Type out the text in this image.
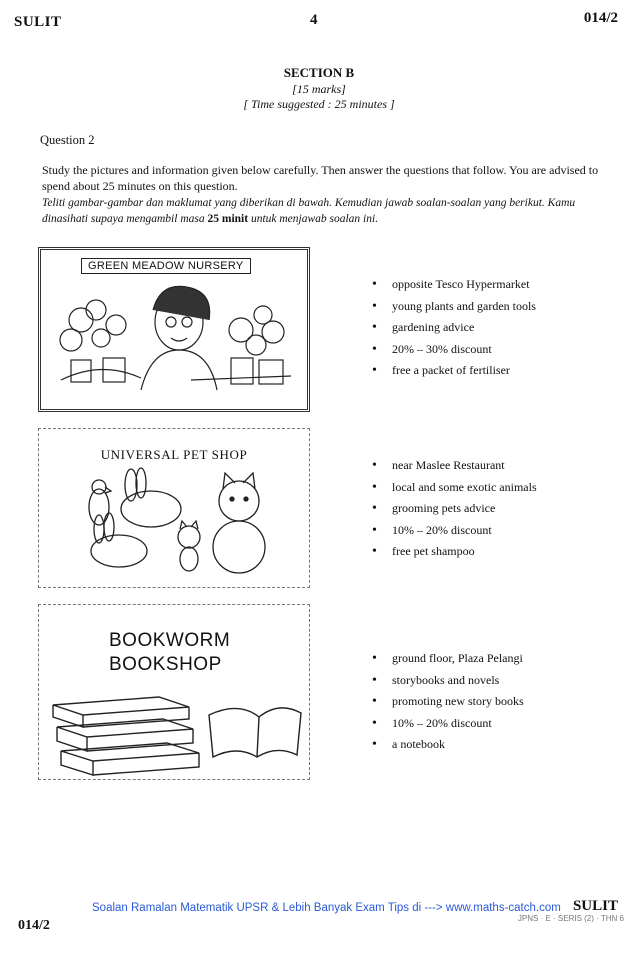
SULIT	4	014/2
SECTION B
[15 marks]
[ Time suggested : 25 minutes ]
Question 2
Study the pictures and information given below carefully. Then answer the questions that follow. You are advised to spend about 25 minutes on this question.
Teliti gambar-gambar dan maklumat yang diberikan di bawah. Kemudian jawab soalan-soalan yang berikut. Kamu dinasihati supaya mengambil masa 25 minit untuk menjawab soalan ini.
GREEN MEADOW NURSERY
• opposite Tesco Hypermarket
• young plants and garden tools
• gardening advice
• 20% – 30% discount
• free a packet of fertiliser
UNIVERSAL PET SHOP
• near Maslee Restaurant
• local and some exotic animals
• grooming pets advice
• 10% – 20% discount
• free pet shampoo
BOOKWORM
BOOKSHOP
•	ground floor, Plaza Pelangi
• storybooks and novels
• promoting new story books
• 10% – 20% discount
• a notebook
Soalan Ramalan Matematik UPSR & Lebih Banyak Exam Tips di ---> www.maths-catch.com
014/2
SULIT
JPNS · E · SERIS (2) · THN 6
